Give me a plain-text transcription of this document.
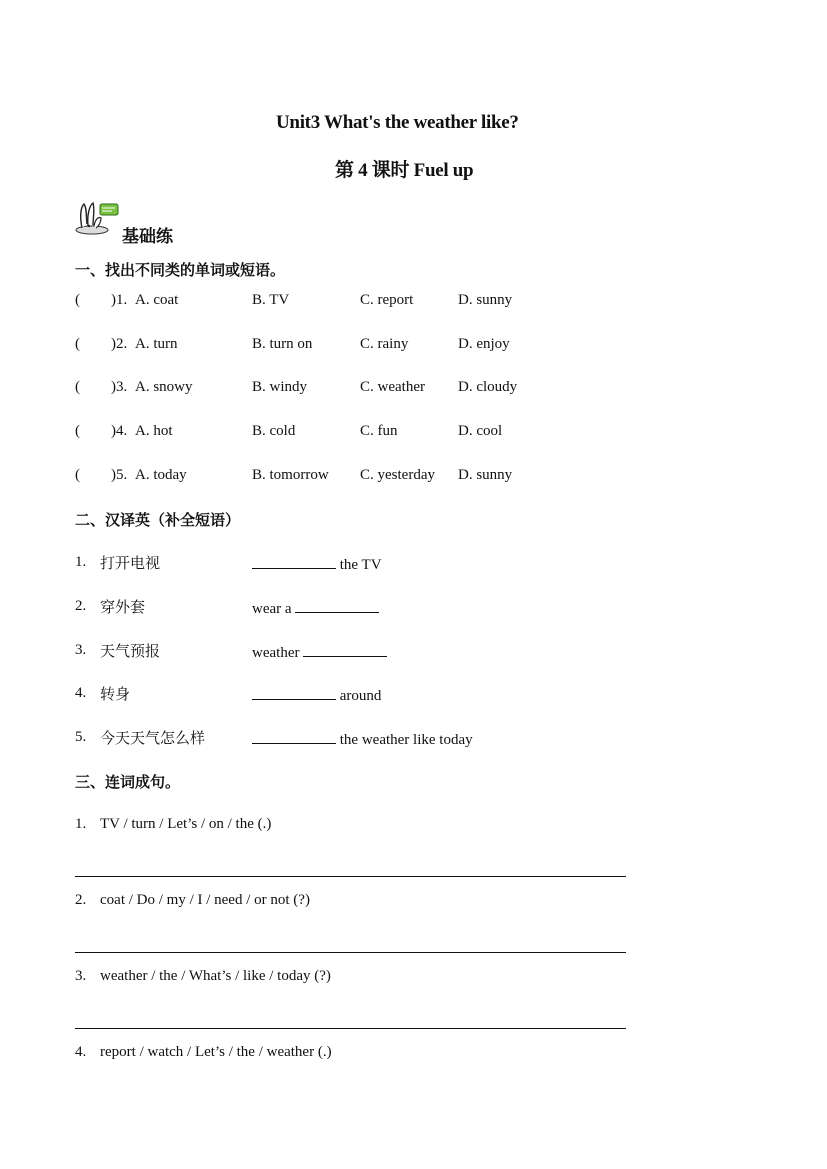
Unit3 What's the weather like?
第 4 课时 Fuel up
基础练
一、找出不同类的单词或短语。
( )1. A. coat	B. TV	C. report	D. sunny
( )2. A. turn	B. turn on	C. rainy	D. enjoy
( )3. A. snowy	B. windy	C. weather D. cloudy
( )4. A. hot	B. cold	C. fun	D. cool
( )5. A. today	B. tomorrow C. yesterday D. sunny
二、汉译英（补全短语）
1. 打开电视	the TV
2. 穿外套	wear a
3. 天气预报	weather
4. 转身	around
5. 今天天气怎么样	the weather like today
三、连词成句。
1. TV / turn / Let’s / on / the (.)
2. coat / Do / my / I / need / or not (?)
3. weather / the / What’s / like / today (?)
4. report / watch / Let’s / the / weather (.)
